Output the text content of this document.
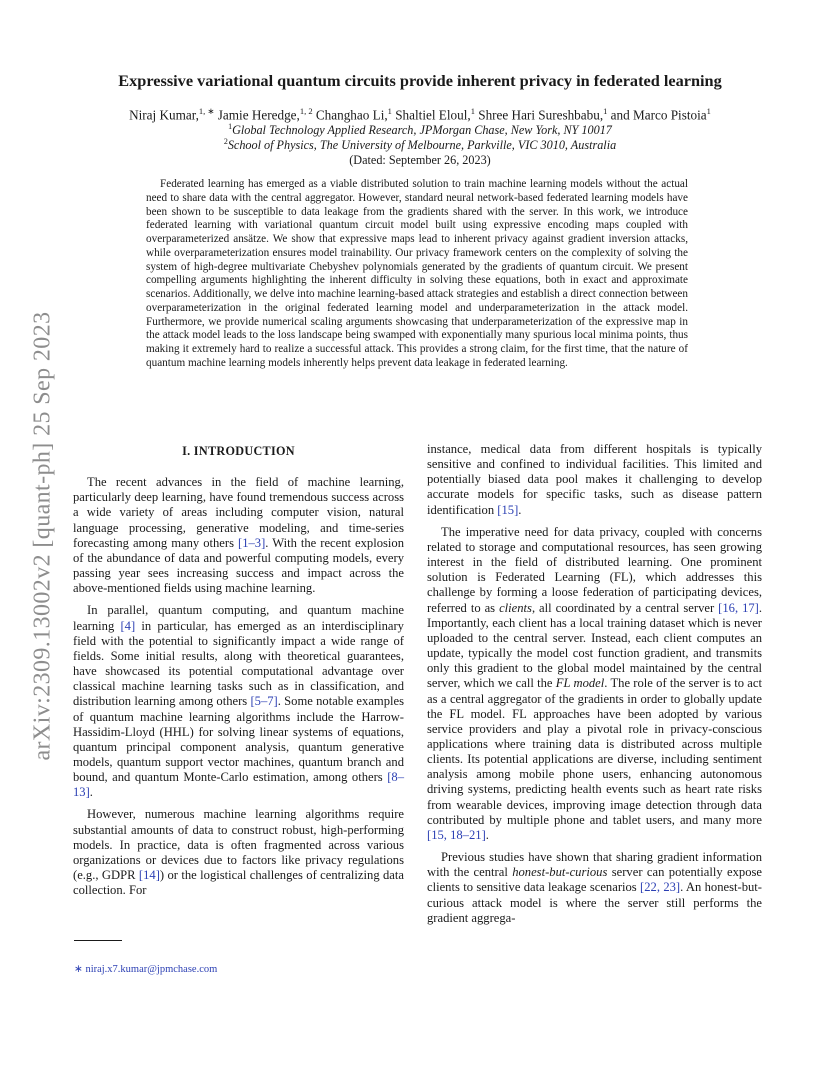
arXiv:2309.13002v2 [quant-ph] 25 Sep 2023
Expressive variational quantum circuits provide inherent privacy in federated learning
Niraj Kumar,$^{1, ∗}$ Jamie Heredge,$^{1, 2}$ Changhao Li,$^1$ Shaltiel Eloul,$^1$ Shree Hari Sureshbabu,$^1$ and Marco Pistoia$^1$
$^1$Global Technology Applied Research, JPMorgan Chase, New York, NY 10017
$^2$School of Physics, The University of Melbourne, Parkville, VIC 3010, Australia
(Dated: September 26, 2023)
Federated learning has emerged as a viable distributed solution to train machine learning models without the actual need to share data with the central aggregator. However, standard neural network-based federated learning models have been shown to be susceptible to data leakage from the gradients shared with the server. In this work, we introduce federated learning with variational quantum circuit model built using expressive encoding maps coupled with overparameterized ansätze. We show that expressive maps lead to inherent privacy against gradient inversion attacks, while overparameterization ensures model trainability. Our privacy framework centers on the complexity of solving the system of high-degree multivariate Chebyshev polynomials generated by the gradients of quantum circuit. We present compelling arguments highlighting the inherent difficulty in solving these equations, both in exact and approximate scenarios. Additionally, we delve into machine learning-based attack strategies and establish a direct connection between overparameterization in the original federated learning model and underparameterization in the attack model. Furthermore, we provide numerical scaling arguments showcasing that underparameterization of the expressive map in the attack model leads to the loss landscape being swamped with exponentially many spurious local minima points, thus making it extremely hard to realize a successful attack. This provides a strong claim, for the first time, that the nature of quantum machine learning models inherently helps prevent data leakage in federated learning.

I. INTRODUCTION

The recent advances in the field of machine learning, particularly deep learning, have found tremendous success across a wide variety of areas including computer vision, natural language processing, generative modeling, and time-series forecasting among many others [1–3]. With the recent explosion of the abundance of data and powerful computing models, every passing year sees increasing success and impact across the above-mentioned fields using machine learning.

In parallel, quantum computing, and quantum machine learning [4] in particular, has emerged as an interdisciplinary field with the potential to significantly impact a wide range of fields. Some initial results, along with theoretical guarantees, have showcased its potential computational advantage over classical machine learning tasks such as in classification, and distribution learning among others [5–7]. Some notable examples of quantum machine learning algorithms include the Harrow-Hassidim-Lloyd (HHL) for solving linear systems of equations, quantum principal component analysis, quantum generative models, quantum support vector machines, quantum branch and bound, and quantum Monte-Carlo estimation, among others [8–13].

However, numerous machine learning algorithms require substantial amounts of data to construct robust, high-performing models. In practice, data is often fragmented across various organizations or devices due to factors like privacy regulations (e.g., GDPR [14]) or the logistical challenges of centralizing data collection. For

instance, medical data from different hospitals is typically sensitive and confined to individual facilities. This limited and potentially biased data pool makes it challenging to develop accurate models for specific tasks, such as disease pattern identification [15].

The imperative need for data privacy, coupled with concerns related to storage and computational resources, has seen growing interest in the field of distributed learning. One prominent solution is Federated Learning (FL), which addresses this challenge by forming a loose federation of participating devices, referred to as clients, all coordinated by a central server [16, 17]. Importantly, each client has a local training dataset which is never uploaded to the central server. Instead, each client computes an update, typically the model cost function gradient, and transmits only this gradient to the global model maintained by the central server, which we call the FL model. The role of the server is to act as a central aggregator of the gradients in order to globally update the FL model. FL approaches have been adopted by various service providers and play a pivotal role in privacy-conscious applications where training data is distributed across multiple clients. Its potential applications are diverse, including sentiment analysis among mobile phone users, enhancing autonomous driving systems, predicting health events such as heart rate risks from wearable devices, improving image detection through data contributed by multiple phone and tablet users, and many more [15, 18–21].

Previous studies have shown that sharing gradient information with the central honest-but-curious server can potentially expose clients to sensitive data leakage scenarios [22, 23]. An honest-but-curious attack model is where the server still performs the gradient aggrega-

∗ niraj.x7.kumar@jpmchase.com
